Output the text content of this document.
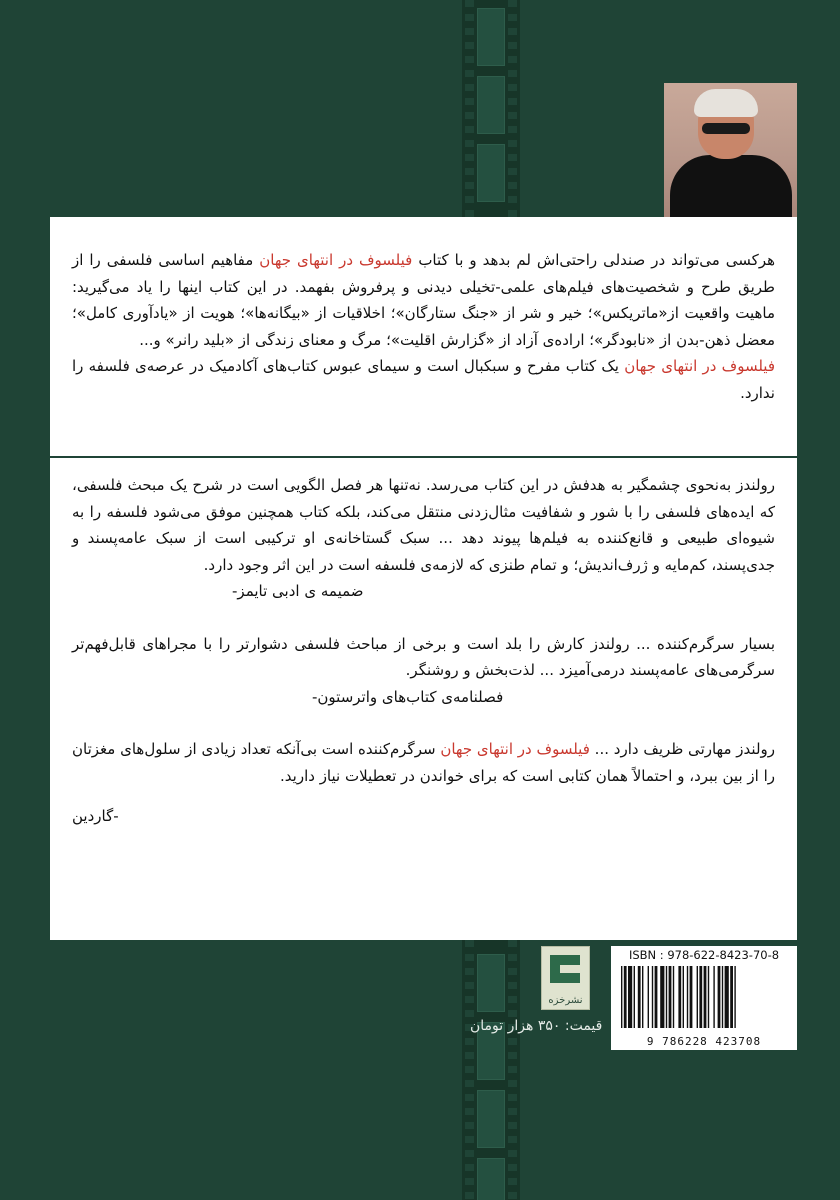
هرکسی می‌تواند در صندلی راحتی‌اش لم بدهد و با کتاب فیلسوف در انتهای جهان مفاهیم اساسی فلسفی را از طریق طرح و شخصیت‌های فیلم‌های علمی-تخیلی دیدنی و پرفروش بفهمد. در این کتاب اینها را یاد می‌گیرید: ماهیت واقعیت از«ماتریکس»؛ خیر و شر از «جنگ ستارگان»؛ اخلاقیات از «بیگانه‌ها»؛ هویت از «یادآوری کامل»؛ معضل ذهن-بدن از «نابودگر»؛ اراده‌ی آزاد از «گزارش اقلیت»؛ مرگ و معنای زندگی از «بلید رانر» و...

فیلسوف در انتهای جهان یک کتاب مفرح و سبکبال است و سیمای عبوس کتاب‌های آکادمیک در عرصه‌ی فلسفه را ندارد.

رولندز به‌نحوی چشمگیر به هدفش در این کتاب می‌رسد. نه‌تنها هر فصل الگویی است در شرح یک مبحث فلسفی، که ایده‌های فلسفی را با شور و شفافیت مثال‌زدنی منتقل می‌کند، بلکه کتاب همچنین موفق می‌شود فلسفه را به شیوه‌ای طبیعی و قانع‌کننده به فیلم‌ها پیوند دهد ... سبک گستاخانه‌ی او ترکیبی است از سبک عامه‌پسند و جدی‌پسند، کم‌مایه و ژرف‌اندیش؛ و تمام طنزی که لازمه‌ی فلسفه است در این اثر وجود دارد.

ضمیمه ی ادبی تایمز-

بسیار سرگرم‌کننده ... رولندز کارش را بلد است و برخی از مباحث فلسفی دشوارتر را با مجراهای قابل‌فهم‌تر سرگرمی‌های عامه‌پسند درمی‌آمیزد ... لذت‌بخش و روشنگر.

فصلنامه‌ی کتاب‌های واترستون-

رولندز مهارتی ظریف دارد ... فیلسوف در انتهای جهان سرگرم‌کننده است بی‌آنکه تعداد زیادی از سلول‌های مغزتان را از بین ببرد، و احتمالاً همان کتابی است که برای خواندن در تعطیلات نیاز دارید.

-گاردین
نشرخزه
ISBN : 978-622-8423-70-8
9 786228 423708
قیمت: ۳۵۰ هزار تومان
